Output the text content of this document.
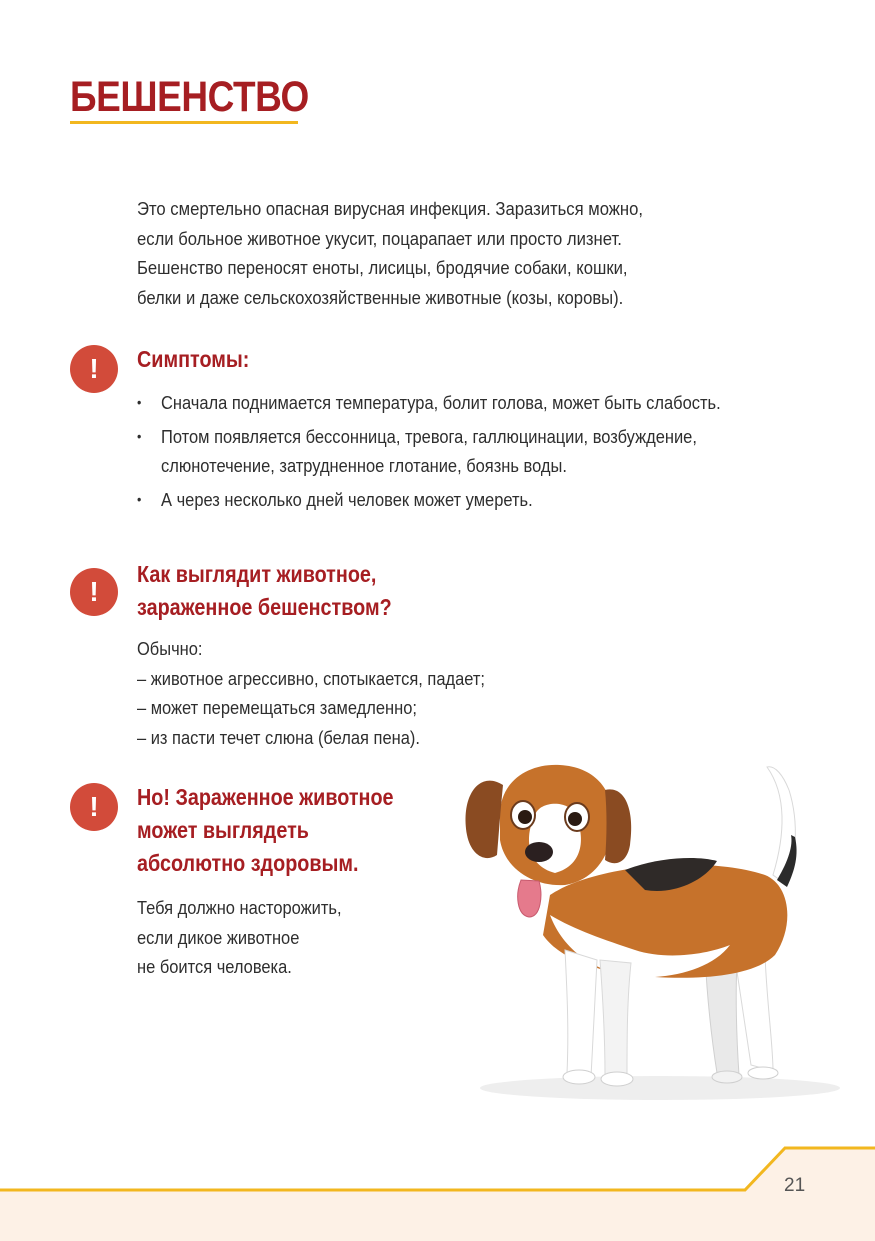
БЕШЕНСТВО

Это смертельно опасная вирусная инфекция. Заразиться можно,

если больное животное укусит, поцарапает или просто лизнет.

Бешенство переносят еноты, лисицы, бродячие собаки, кошки,

белки и даже сельскохозяйственные животные (козы, коровы).

!	Симптомы:
• Сначала поднимается температура, болит голова, может быть слабость.
• Потом появляется бессонница, тревога, галлюцинации, возбуждение, слюнотечение, затрудненное глотание, боязнь воды.
• А через несколько дней человек может умереть.
!
Как выглядит животное,
зараженное бешенством?
Обычно:
– животное агрессивно, спотыкается, падает;
– может перемещаться замедленно;
– из пасти течет слюна (белая пена).
!	Но! Зараженное животное
может выглядеть
абсолютно здоровым.
Тебя должно насторожить,
если дикое животное
не боится человека.
21
